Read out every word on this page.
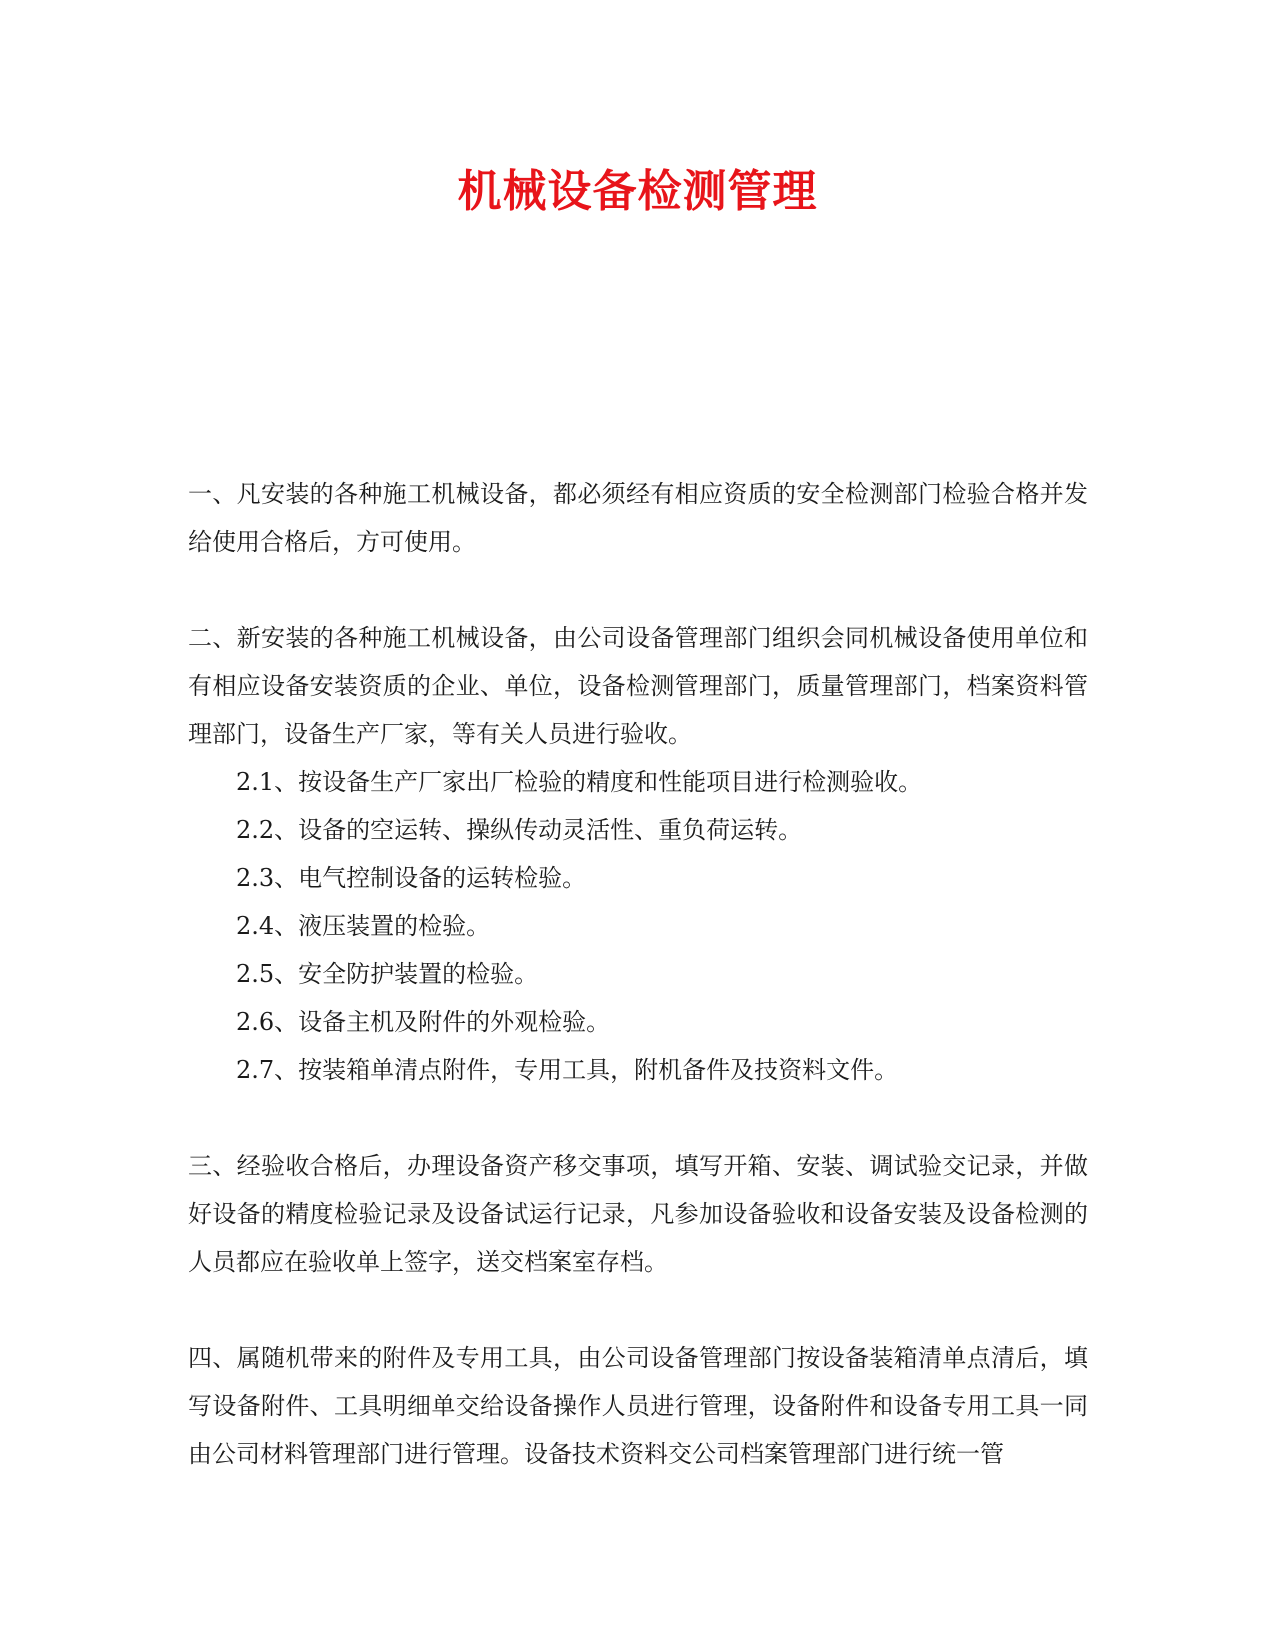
机械设备检测管理

一、凡安装的各种施工机械设备，都必须经有相应资质的安全检测部门检验合格并发给使用合格后，方可使用。

二、新安装的各种施工机械设备，由公司设备管理部门组织会同机械设备使用单位和有相应设备安装资质的企业、单位，设备检测管理部门，质量管理部门，档案资料管理部门，设备生产厂家，等有关人员进行验收。

2.1、按设备生产厂家出厂检验的精度和性能项目进行检测验收。
2.2、设备的空运转、操纵传动灵活性、重负荷运转。
2.3、电气控制设备的运转检验。
2.4、液压装置的检验。
2.5、安全防护装置的检验。
2.6、设备主机及附件的外观检验。
2.7、按装箱单清点附件，专用工具，附机备件及技资料文件。

三、经验收合格后，办理设备资产移交事项，填写开箱、安装、调试验交记录，并做好设备的精度检验记录及设备试运行记录，凡参加设备验收和设备安装及设备检测的人员都应在验收单上签字，送交档案室存档。

四、属随机带来的附件及专用工具，由公司设备管理部门按设备装箱清单点清后，填写设备附件、工具明细单交给设备操作人员进行管理，设备附件和设备专用工具一同由公司材料管理部门进行管理。设备技术资料交公司档案管理部门进行统一管
